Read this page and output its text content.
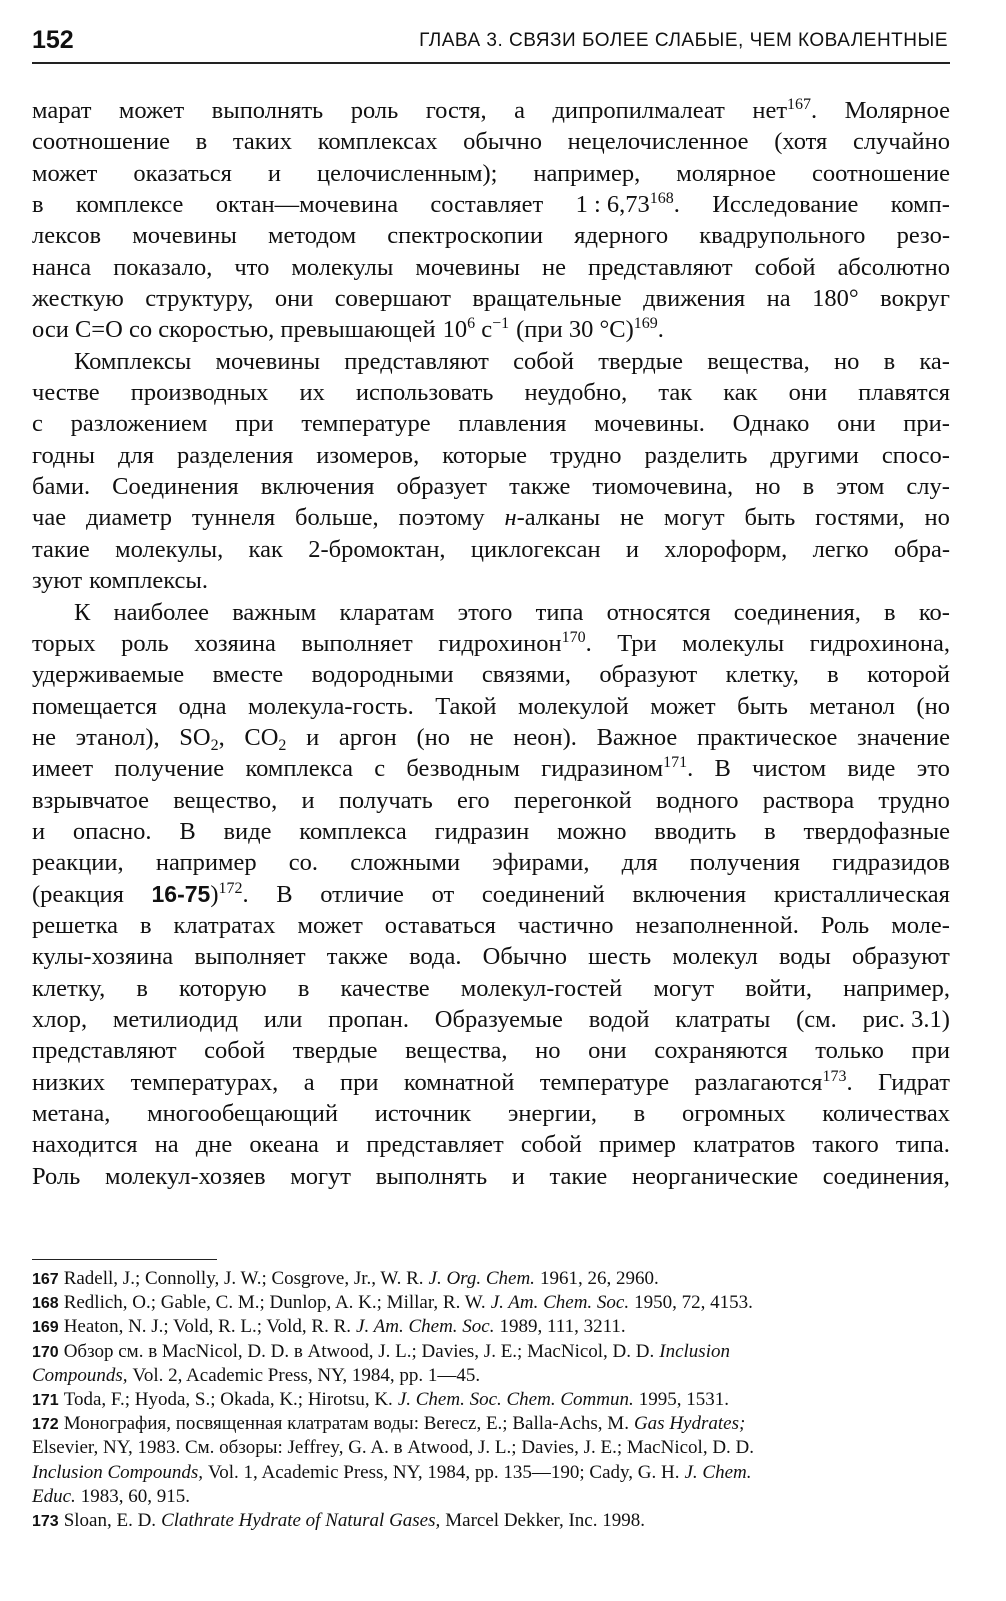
152	ГЛАВА 3. СВЯЗИ БОЛЕЕ СЛАБЫЕ, ЧЕМ КОВАЛЕНТНЫЕ
марат может выполнять роль гостя, а дипропилмалеат нет$^{167}$. Молярное
соотношение в таких комплексах обычно нецелочисленное (хотя случайно
может оказаться и целочисленным); например, молярное соотношение
в комплексе октан—мочевина составляет 1 : 6,73$^{168}$. Исследование комп-
лексов мочевины методом спектроскопии ядерного квадрупольного резо-
нанса показало, что молекулы мочевины не представляют собой абсолютно
жесткую структуру, они совершают вращательные движения на 180° вокруг
оси C=O со скоростью, превышающей $10^6$ $с^{-1}$ (при 30 °C)$^{169}$.
Комплексы мочевины представляют собой твердые вещества, но в ка-
честве производных их использовать неудобно, так как они плавятся
с разложением при температуре плавления мочевины. Однако они при-
годны для разделения изомеров, которые трудно разделить другими спосо-
бами. Соединения включения образует также тиомочевина, но в этом слу-
чае диаметр туннеля больше, поэтому н-алканы не могут быть гостями, но
такие молекулы, как 2-бромоктан, циклогексан и хлороформ, легко обра-
зуют комплексы.
К наиболее важным клаpатам этого типа относятся соединения, в ко-
торых роль хозяина выполняет гидрохинон$^{170}$. Три молекулы гидрохинона,
удерживаемые вместе водородными связями, образуют клетку, в которой
помещается одна молекула-гость. Такой молекулой может быть метанол (но
не этанол), $SO_2$, $CO_2$ и аргон (но не неон). Важное практическое значение
имеет получение комплекса с безводным гидразином$^{171}$. В чистом виде это
взрывчатое вещество, и получать его перегонкой водного раствора трудно
и опасно. В виде комплекса гидразин можно вводить в твердофазные
реакции, например со. сложными эфирами, для получения гидразидов
(реакция 16-75)$^{172}$. В отличие от соединений включения кристаллическая
решетка в клатратах может оставаться частично незаполненной. Роль моле-
кулы-хозяина выполняет также вода. Обычно шесть молекул воды образуют
клетку, в которую в качестве молекул-гостей могут войти, например,
хлор, метилиодид или пропан. Образуемые водой клатраты (см. рис. 3.1)
представляют собой твердые вещества, но они сохраняются только при
низких температурах, а при комнатной температуре разлагаются$^{173}$. Гидрат
метана, многообещающий источник энергии, в огромных количествах
находится на дне океана и представляет собой пример клатратов такого типа.
Роль молекул-хозяев могут выполнять и такие неорганические соединения,
167 Radell, J.; Connolly, J. W.; Cosgrove, Jr., W. R. J. Org. Chem. 1961, 26, 2960.
168 Redlich, O.; Gable, C. M.; Dunlop, A. K.; Millar, R. W. J. Am. Chem. Soc. 1950, 72, 4153.
169 Heaton, N. J.; Vold, R. L.; Vold, R. R. J. Am. Chem. Soc. 1989, 111, 3211.
170 Обзор см. в MacNicol, D. D. в Atwood, J. L.; Davies, J. E.; MacNicol, D. D. Inclusion
Compounds, Vol. 2, Academic Press, NY, 1984, pp. 1—45.
171 Toda, F.; Hyoda, S.; Okada, K.; Hirotsu, K. J. Chem. Soc. Chem. Commun. 1995, 1531.
172 Монография, посвященная клатратам воды: Berecz, E.; Balla-Achs, M. Gas Hydrates;
Elsevier, NY, 1983. См. обзоры: Jeffrey, G. A. в Atwood, J. L.; Davies, J. E.; MacNicol, D. D.
Inclusion Compounds, Vol. 1, Academic Press, NY, 1984, pp. 135—190; Cady, G. H. J. Chem.
Educ. 1983, 60, 915.
173 Sloan, E. D. Clathrate Hydrate of Natural Gases, Marcel Dekker, Inc. 1998.
